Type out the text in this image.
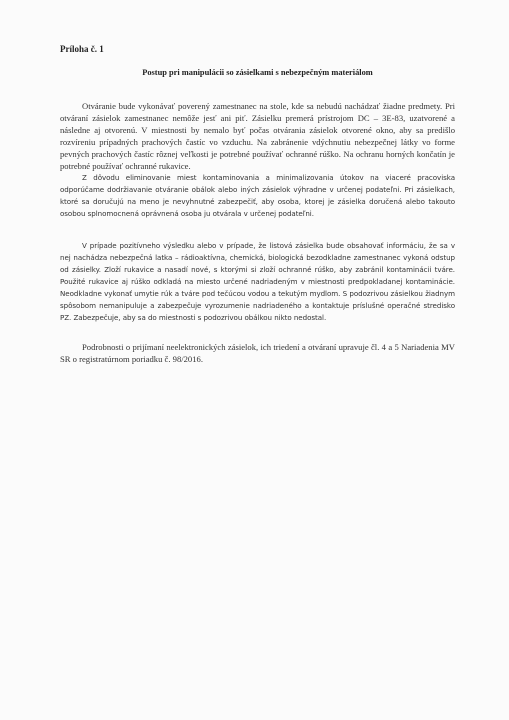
Príloha č. 1
Postup pri manipulácii so zásielkami s nebezpečným materiálom

Otváranie bude vykonávať poverený zamestnanec na stole, kde sa nebudú nachádzať žiadne predmety. Pri otváraní zásielok zamestnanec nemôže jesť ani piť. Zásielku premerá prístrojom DC – 3E-83, uzatvorené a následne aj otvorenú. V miestnosti by nemalo byť počas otvárania zásielok otvorené okno, aby sa predišlo rozvíreniu prípadných prachových častíc vo vzduchu. Na zabránenie vdýchnutiu nebezpečnej látky vo forme pevných prachových častíc rôznej veľkosti je potrebné používať ochranné rúško. Na ochranu horných končatín je potrebné používať ochranné rukavice.

Z dôvodu eliminovanie miest kontaminovania a minimalizovania útokov na viaceré pracoviska odporúčame dodržiavanie otváranie obálok alebo iných zásielok výhradne v určenej podateľni. Pri zásielkach, ktoré sa doručujú na meno je nevyhnutné zabezpečiť, aby osoba, ktorej je zásielka doručená alebo takouto osobou splnomocnená oprávnená osoba ju otvárala v určenej podateľni.

V prípade pozitívneho výsledku alebo v prípade, že listová zásielka bude obsahovať informáciu, že sa v nej nachádza nebezpečná latka – rádioaktívna, chemická, biologická bezodkladne zamestnanec vykoná odstup od zásielky. Zloží rukavice a nasadí nové, s ktorými si zloží ochranné rúško, aby zabránil kontaminácii tváre. Použité rukavice aj rúško odkladá na miesto určené nadriadeným v miestnosti predpokladanej kontaminácie. Neodkladne vykonať umytie rúk a tváre pod tečúcou vodou a tekutým mydlom. S podozrivou zásielkou žiadnym spôsobom nemanipuluje a zabezpečuje vyrozumenie nadriadeného a kontaktuje príslušné operačné stredisko PZ. Zabezpečuje, aby sa do miestnosti s podozrivou obálkou nikto nedostal.

Podrobnosti o prijímaní neelektronických zásielok, ich triedení a otváraní upravuje čl. 4 a 5 Nariadenia MV SR o registratúrnom poriadku č. 98/2016.
